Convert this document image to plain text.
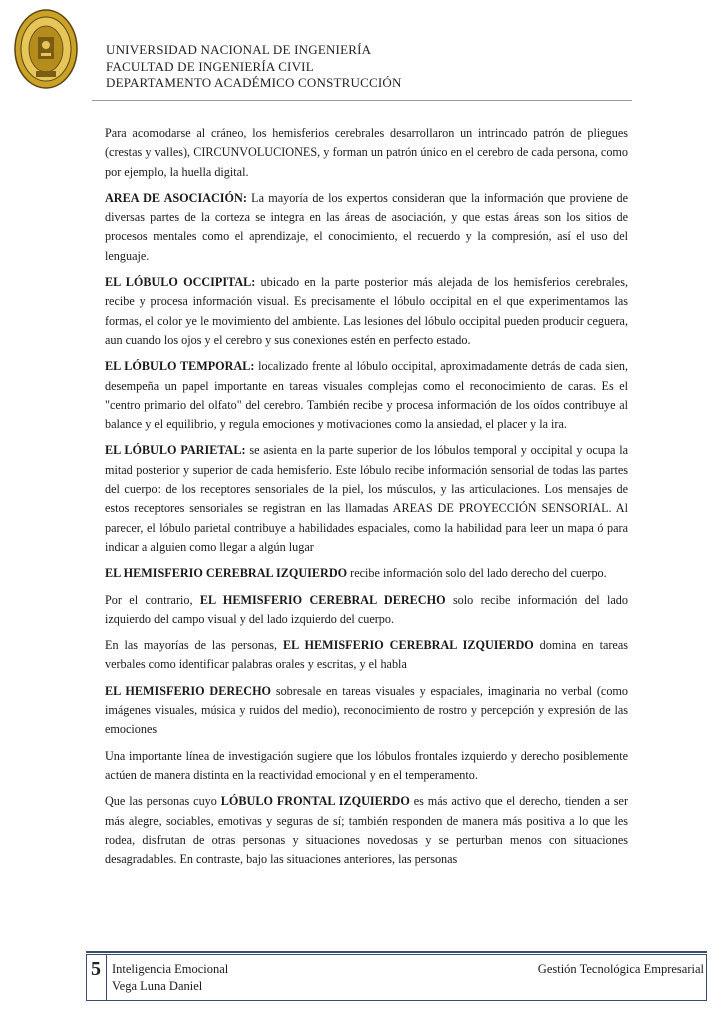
UNIVERSIDAD NACIONAL DE INGENIERÍA
FACULTAD DE INGENIERÍA CIVIL
DEPARTAMENTO ACADÉMICO CONSTRUCCIÓN

Para acomodarse al cráneo, los hemisferios cerebrales desarrollaron un intrincado patrón de pliegues (crestas y valles), CIRCUNVOLUCIONES, y forman un patrón único en el cerebro de cada persona, como por ejemplo, la huella digital.

AREA DE ASOCIACIÓN: La mayoría de los expertos consideran que la información que proviene de diversas partes de la corteza se integra en las áreas de asociación, y que estas áreas son los sitios de procesos mentales como el aprendizaje, el conocimiento, el recuerdo y la compresión, así el uso del lenguaje.

EL LÓBULO OCCIPITAL: ubicado en la parte posterior más alejada de los hemisferios cerebrales, recibe y procesa información visual. Es precisamente el lóbulo occipital en el que experimentamos las formas, el color ye le movimiento del ambiente. Las lesiones del lóbulo occipital pueden producir ceguera, aun cuando los ojos y el cerebro y sus conexiones estén en perfecto estado.

EL LÓBULO TEMPORAL: localizado frente al lóbulo occipital, aproximadamente detrás de cada sien, desempeña un papel importante en tareas visuales complejas como el reconocimiento de caras. Es el "centro primario del olfato" del cerebro. También recibe y procesa información de los oídos contribuye al balance y el equilibrio, y regula emociones y motivaciones como la ansiedad, el placer y la ira.

EL LÓBULO PARIETAL: se asienta en la parte superior de los lóbulos temporal y occipital y ocupa la mitad posterior y superior de cada hemisferio. Este lóbulo recibe información sensorial de todas las partes del cuerpo: de los receptores sensoriales de la piel, los músculos, y las articulaciones. Los mensajes de estos receptores sensoriales se registran en las llamadas AREAS DE PROYECCIÓN SENSORIAL. Al parecer, el lóbulo parietal contribuye a habilidades espaciales, como la habilidad para leer un mapa ó para indicar a alguien como llegar a algún lugar

EL HEMISFERIO CEREBRAL IZQUIERDO recibe información solo del lado derecho del cuerpo.

Por el contrario, EL HEMISFERIO CEREBRAL DERECHO solo recibe información del lado izquierdo del campo visual y del lado izquierdo del cuerpo.

En las mayorías de las personas, EL HEMISFERIO CEREBRAL IZQUIERDO domina en tareas verbales como identificar palabras orales y escritas, y el habla

EL HEMISFERIO DERECHO sobresale en tareas visuales y espaciales, imaginaria no verbal (como imágenes visuales, música y ruidos del medio), reconocimiento de rostro y percepción y expresión de las emociones

Una importante línea de investigación sugiere que los lóbulos frontales izquierdo y derecho posiblemente actúen de manera distinta en la reactividad emocional y en el temperamento.

Que las personas cuyo LÓBULO FRONTAL IZQUIERDO es más activo que el derecho, tienden a ser más alegre, sociables, emotivas y seguras de sí; también responden de manera más positiva a lo que les rodea, disfrutan de otras personas y situaciones novedosas y se perturban menos con situaciones desagradables. En contraste, bajo las situaciones anteriores, las personas

5 Inteligencia Emocional
Vega Luna Daniel
Gestión Tecnológica Empresarial
